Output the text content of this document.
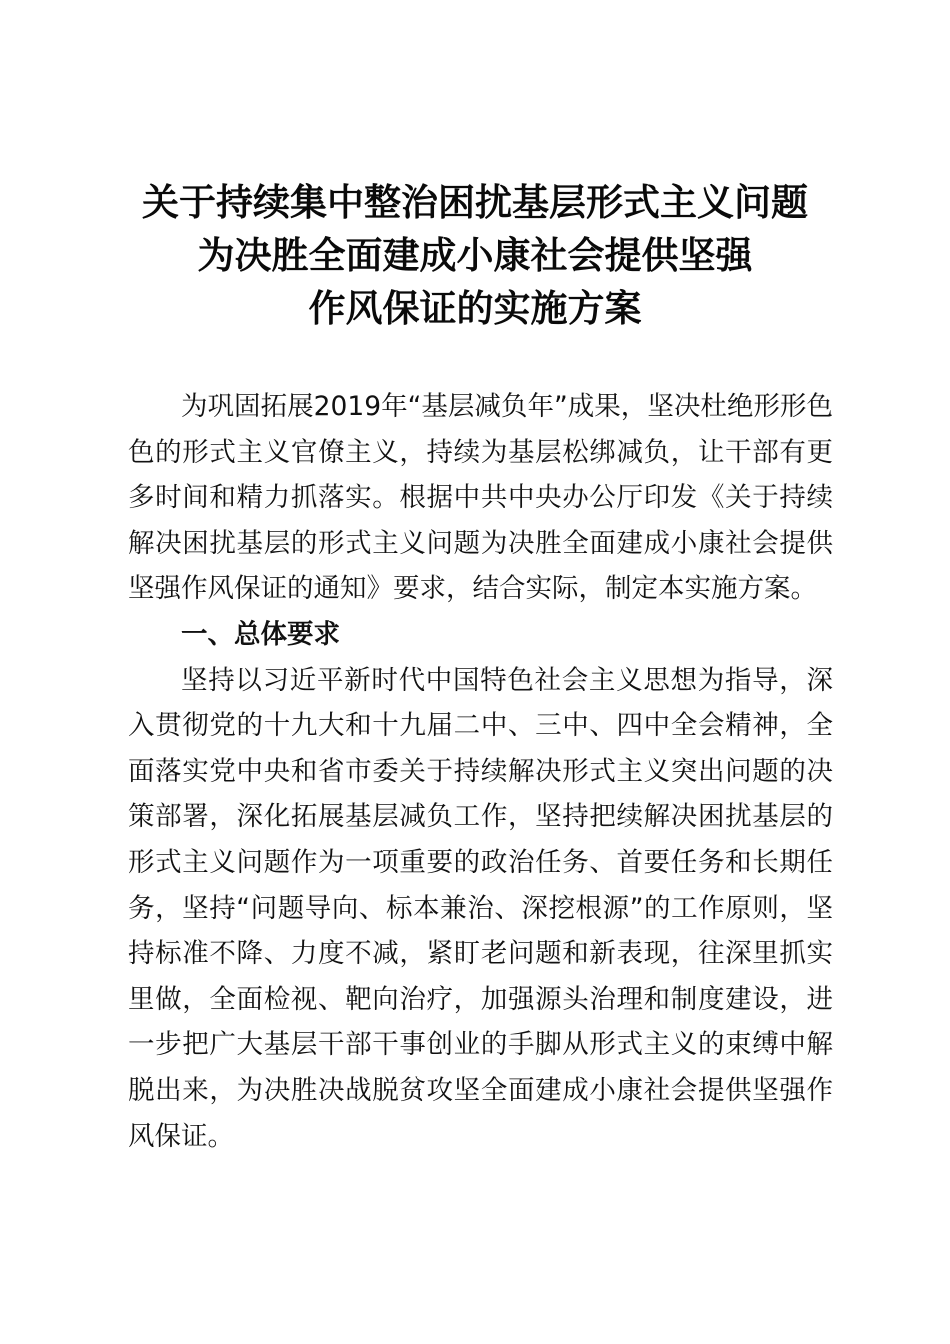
关于持续集中整治困扰基层形式主义问题
为决胜全面建成小康社会提供坚强
作风保证的实施方案

为巩固拓展2019年“基层减负年”成果，坚决杜绝形形色色的形式主义官僚主义，持续为基层松绑减负，让干部有更多时间和精力抓落实。根据中共中央办公厅印发《关于持续解决困扰基层的形式主义问题为决胜全面建成小康社会提供坚强作风保证的通知》要求，结合实际，制定本实施方案。

一、总体要求

坚持以习近平新时代中国特色社会主义思想为指导，深入贯彻党的十九大和十九届二中、三中、四中全会精神，全面落实党中央和省市委关于持续解决形式主义突出问题的决策部署，深化拓展基层减负工作，坚持把续解决困扰基层的形式主义问题作为一项重要的政治任务、首要任务和长期任务，坚持“问题导向、标本兼治、深挖根源”的工作原则，坚持标准不降、力度不减，紧盯老问题和新表现，往深里抓实里做，全面检视、靶向治疗，加强源头治理和制度建设，进一步把广大基层干部干事创业的手脚从形式主义的束缚中解脱出来，为决胜决战脱贫攻坚全面建成小康社会提供坚强作风保证。
